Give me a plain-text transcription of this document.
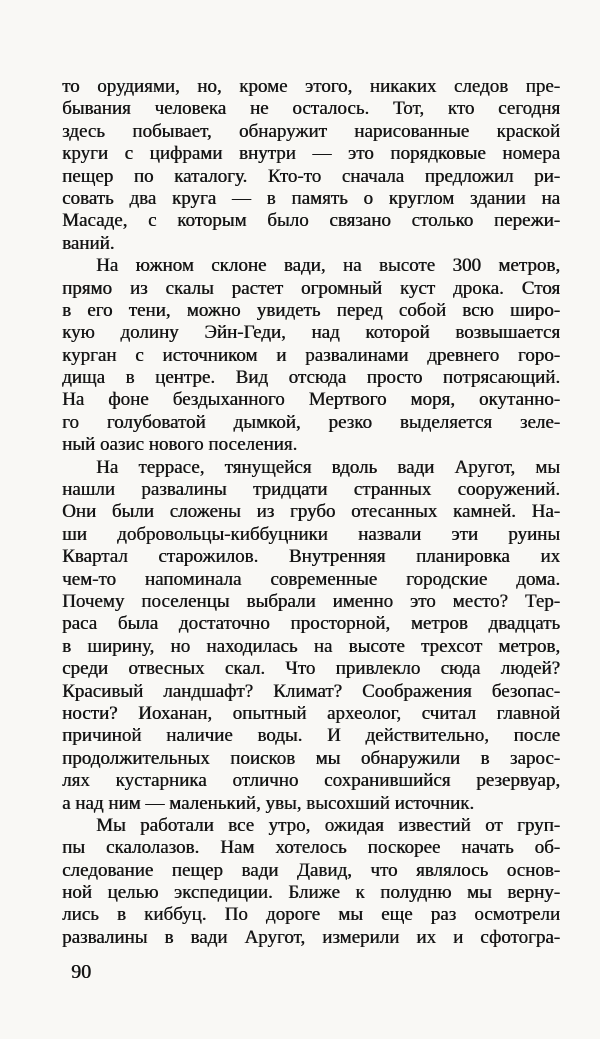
то орудиями, но, кроме этого, никаких следов пре-
бывания человека не осталось. Тот, кто сегодня
здесь побывает, обнаружит нарисованные краской
круги с цифрами внутри — это порядковые номера
пещер по каталогу. Кто-то сначала предложил ри-
совать два круга — в память о круглом здании на
Масаде, с которым было связано столько пережи-
ваний.
На южном склоне вади, на высоте 300 метров,
прямо из скалы растет огромный куст дрока. Стоя
в его тени, можно увидеть перед собой всю широ-
кую долину Эйн-Геди, над которой возвышается
курган с источником и развалинами древнего горо-
дища в центре. Вид отсюда просто потрясающий.
На фоне бездыханного Мертвого моря, окутанно-
го голубоватой дымкой, резко выделяется зеле-
ный оазис нового поселения.
На террасе, тянущейся вдоль вади Аругот, мы
нашли развалины тридцати странных сооружений.
Они были сложены из грубо отесанных камней. На-
ши добровольцы-киббуцники назвали эти руины
Квартал старожилов. Внутренняя планировка их
чем-то напоминала современные городские дома.
Почему поселенцы выбрали именно это место? Тер-
раса была достаточно просторной, метров двадцать
в ширину, но находилась на высоте трехсот метров,
среди отвесных скал. Что привлекло сюда людей?
Красивый ландшафт? Климат? Соображения безопас-
ности? Иоханан, опытный археолог, считал главной
причиной наличие воды. И действительно, после
продолжительных поисков мы обнаружили в зарос-
лях кустарника отлично сохранившийся резервуар,
а над ним — маленький, увы, высохший источник.
Мы работали все утро, ожидая известий от груп-
пы скалолазов. Нам хотелось поскорее начать об-
следование пещер вади Давид, что являлось основ-
ной целью экспедиции. Ближе к полудню мы верну-
лись в киббуц. По дороге мы еще раз осмотрели
развалины в вади Аругот, измерили их и сфотогра-
90
